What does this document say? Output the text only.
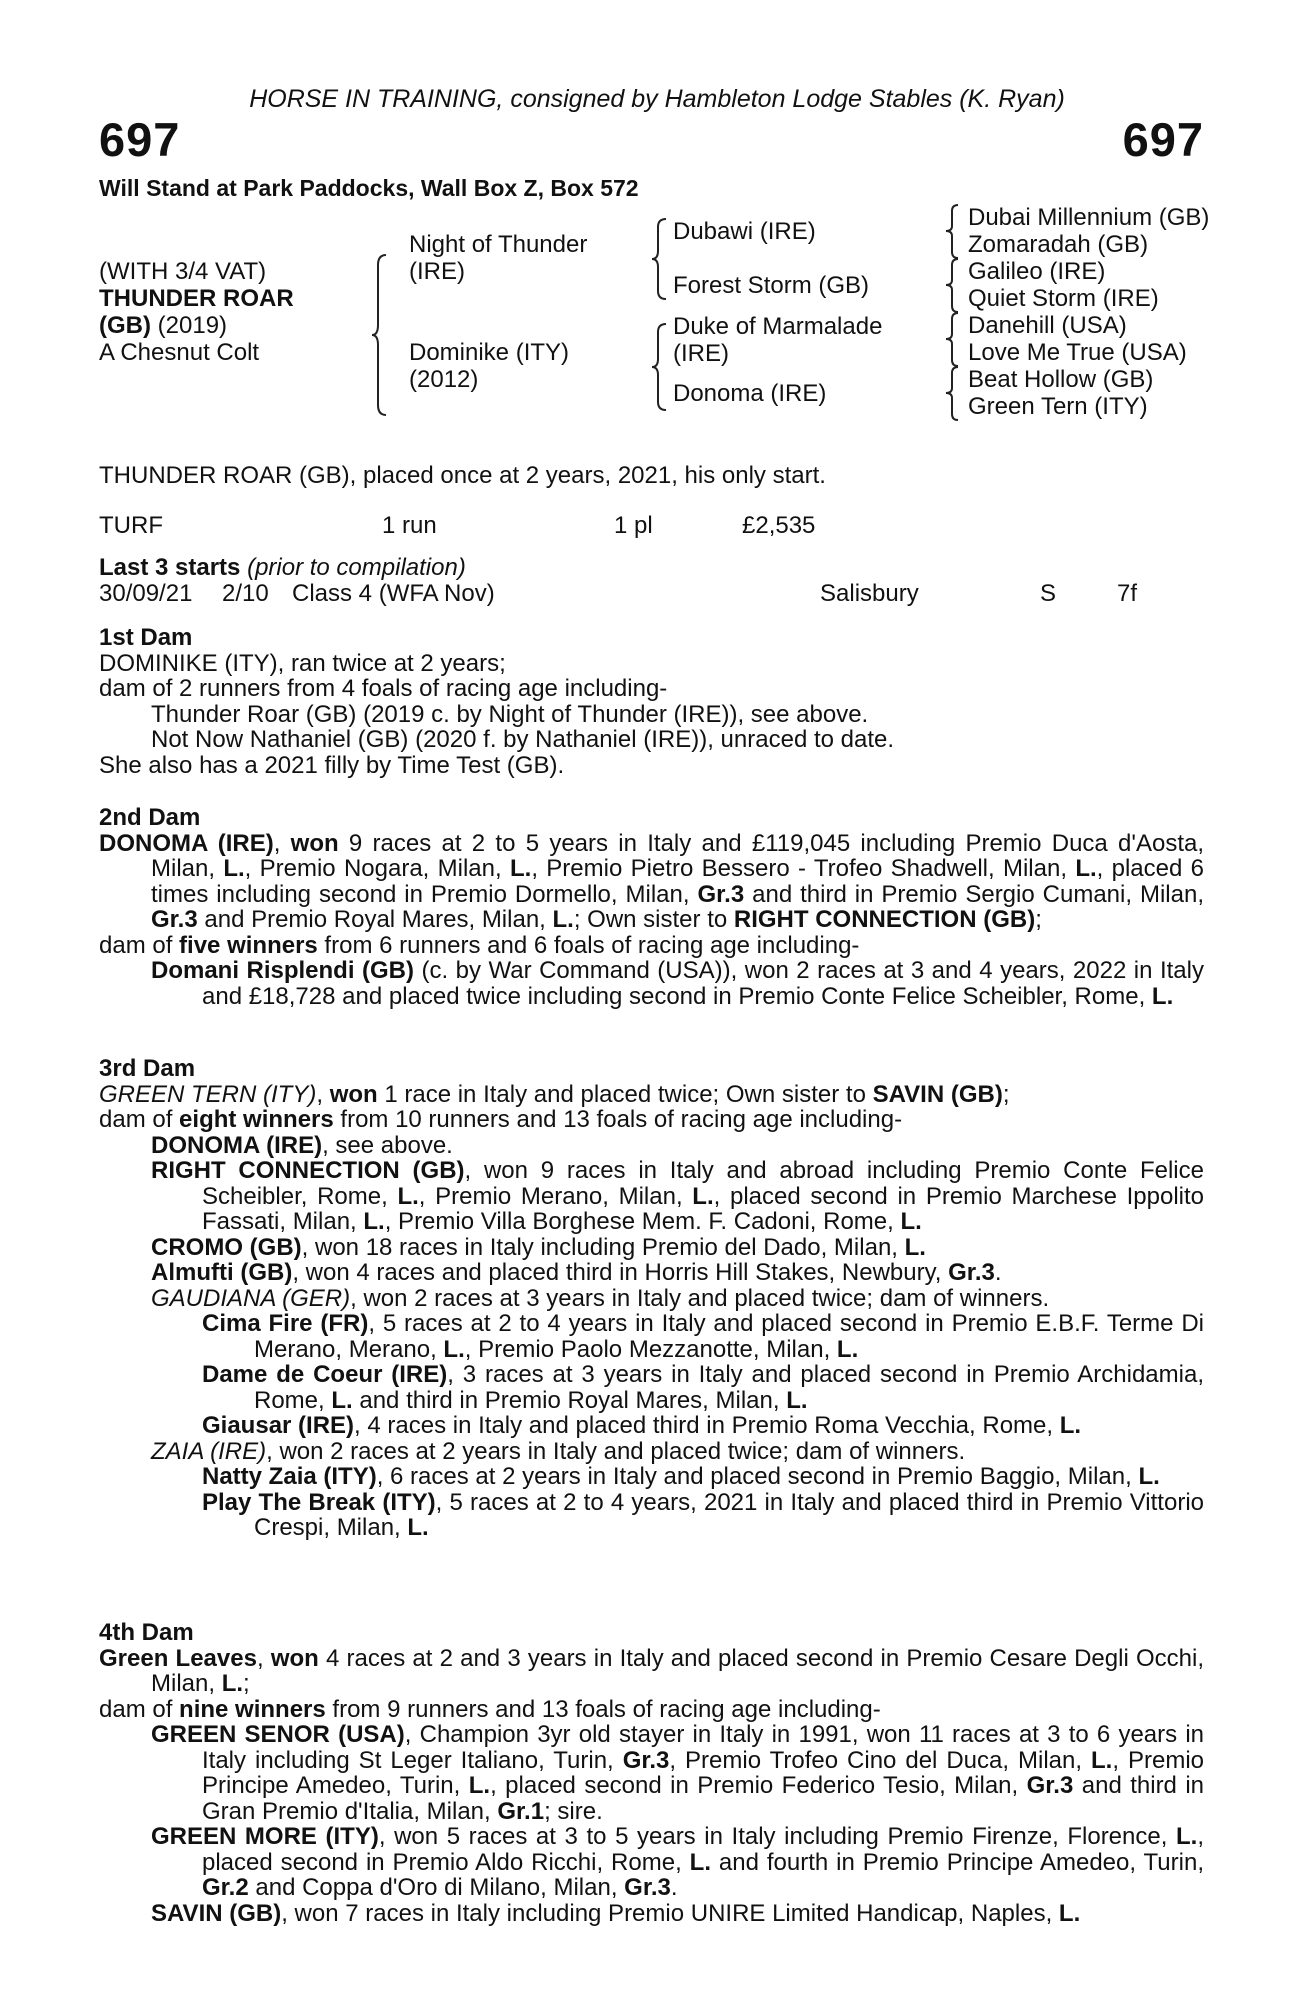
HORSE IN TRAINING, consigned by Hambleton Lodge Stables (K. Ryan)
697	697
Will Stand at Park Paddocks, Wall Box Z, Box 572
(WITH 3/4 VAT)
THUNDER ROAR
(GB) (2019)
A Chesnut Colt
Night of Thunder
(IRE)
Dominike (ITY)
(2012)
Dubawi (IRE)
Forest Storm (GB)
Duke of Marmalade
(IRE)
Donoma (IRE)
Dubai Millennium (GB)
Zomaradah (GB)
Galileo (IRE)
Quiet Storm (IRE)
Danehill (USA)
Love Me True (USA)
Beat Hollow (GB)
Green Tern (ITY)
THUNDER ROAR (GB), placed once at 2 years, 2021, his only start.
TURF	1 run	1 pl	£2,535
Last 3 starts (prior to compilation)
30/09/21 2/10 Class 4 (WFA Nov)	Salisbury	S	7f

1st Dam

DOMINIKE (ITY), ran twice at 2 years;

dam of 2 runners from 4 foals of racing age including-

Thunder Roar (GB) (2019 c. by Night of Thunder (IRE)), see above.

Not Now Nathaniel (GB) (2020 f. by Nathaniel (IRE)), unraced to date.

She also has a 2021 filly by Time Test (GB).

2nd Dam

DONOMA (IRE), won 9 races at 2 to 5 years in Italy and £119,045 including Premio Duca d'Aosta, Milan, L., Premio Nogara, Milan, L., Premio Pietro Bessero - Trofeo Shadwell, Milan, L., placed 6 times including second in Premio Dormello, Milan, Gr.3 and third in Premio Sergio Cumani, Milan, Gr.3 and Premio Royal Mares, Milan, L.; Own sister to RIGHT CONNECTION (GB);

dam of five winners from 6 runners and 6 foals of racing age including-

Domani Risplendi (GB) (c. by War Command (USA)), won 2 races at 3 and 4 years, 2022 in Italy and £18,728 and placed twice including second in Premio Conte Felice Scheibler, Rome, L.

3rd Dam

GREEN TERN (ITY), won 1 race in Italy and placed twice; Own sister to SAVIN (GB);

dam of eight winners from 10 runners and 13 foals of racing age including-

DONOMA (IRE), see above.

RIGHT CONNECTION (GB), won 9 races in Italy and abroad including Premio Conte Felice Scheibler, Rome, L., Premio Merano, Milan, L., placed second in Premio Marchese Ippolito Fassati, Milan, L., Premio Villa Borghese Mem. F. Cadoni, Rome, L.

CROMO (GB), won 18 races in Italy including Premio del Dado, Milan, L.

Almufti (GB), won 4 races and placed third in Horris Hill Stakes, Newbury, Gr.3.

GAUDIANA (GER), won 2 races at 3 years in Italy and placed twice; dam of winners.

Cima Fire (FR), 5 races at 2 to 4 years in Italy and placed second in Premio E.B.F. Terme Di Merano, Merano, L., Premio Paolo Mezzanotte, Milan, L.

Dame de Coeur (IRE), 3 races at 3 years in Italy and placed second in Premio Archidamia, Rome, L. and third in Premio Royal Mares, Milan, L.

Giausar (IRE), 4 races in Italy and placed third in Premio Roma Vecchia, Rome, L.

ZAIA (IRE), won 2 races at 2 years in Italy and placed twice; dam of winners.

Natty Zaia (ITY), 6 races at 2 years in Italy and placed second in Premio Baggio, Milan, L.

Play The Break (ITY), 5 races at 2 to 4 years, 2021 in Italy and placed third in Premio Vittorio Crespi, Milan, L.

4th Dam

Green Leaves, won 4 races at 2 and 3 years in Italy and placed second in Premio Cesare Degli Occhi, Milan, L.;

dam of nine winners from 9 runners and 13 foals of racing age including-

GREEN SENOR (USA), Champion 3yr old stayer in Italy in 1991, won 11 races at 3 to 6 years in Italy including St Leger Italiano, Turin, Gr.3, Premio Trofeo Cino del Duca, Milan, L., Premio Principe Amedeo, Turin, L., placed second in Premio Federico Tesio, Milan, Gr.3 and third in Gran Premio d'Italia, Milan, Gr.1; sire.

GREEN MORE (ITY), won 5 races at 3 to 5 years in Italy including Premio Firenze, Florence, L., placed second in Premio Aldo Ricchi, Rome, L. and fourth in Premio Principe Amedeo, Turin, Gr.2 and Coppa d'Oro di Milano, Milan, Gr.3.

SAVIN (GB), won 7 races in Italy including Premio UNIRE Limited Handicap, Naples, L.
